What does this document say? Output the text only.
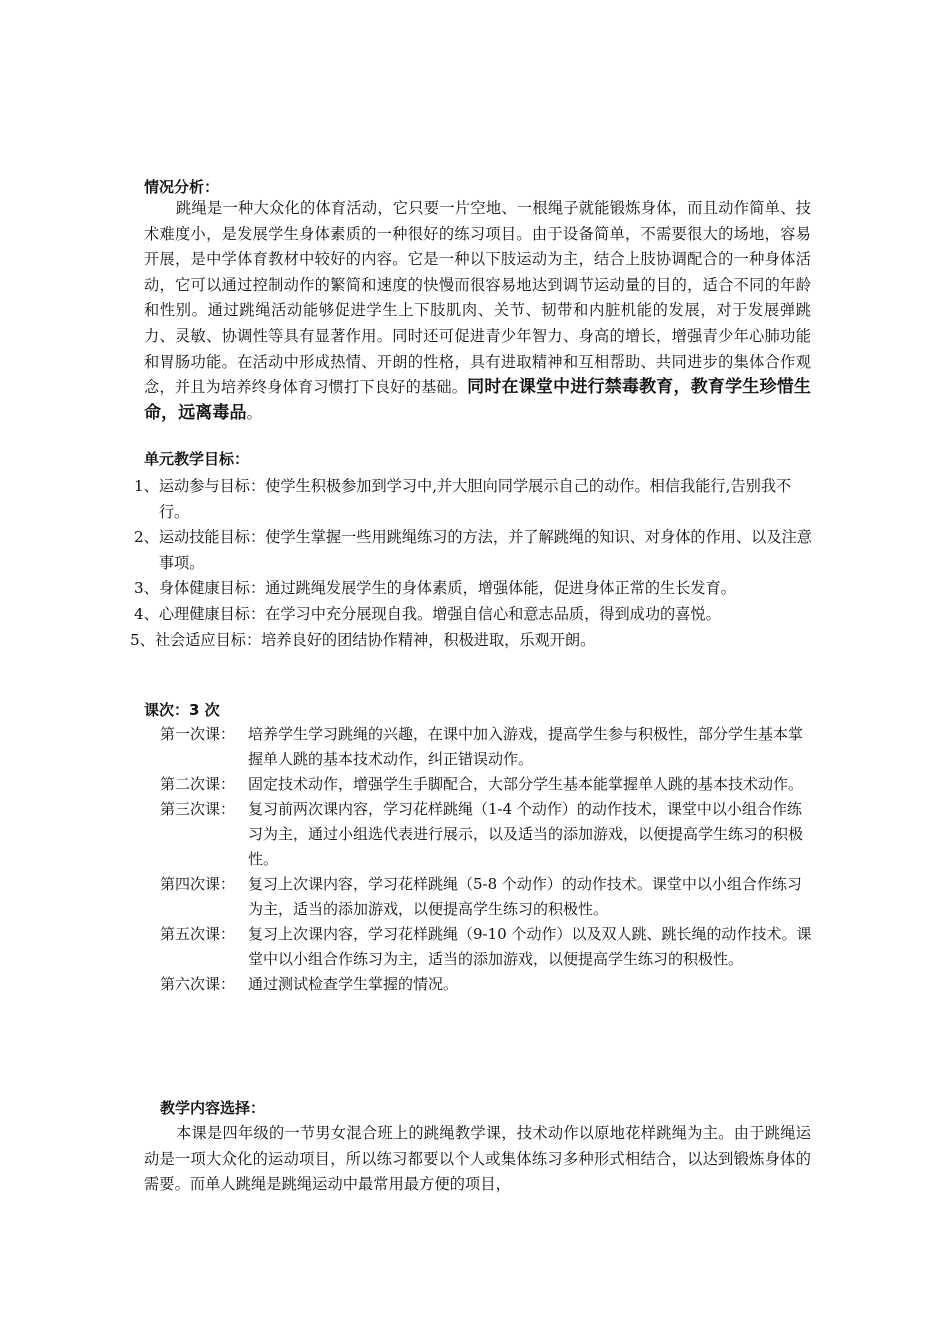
情况分析：
跳绳是一种大众化的体育活动，它只要一片空地、一根绳子就能锻炼身体，而且动作简单、技术难度小，是发展学生身体素质的一种很好的练习项目。由于设备简单，不需要很大的场地，容易开展，是中学体育教材中较好的内容。它是一种以下肢运动为主，结合上肢协调配合的一种身体活动，它可以通过控制动作的繁简和速度的快慢而很容易地达到调节运动量的目的，适合不同的年龄和性别。通过跳绳活动能够促进学生上下肢肌肉、关节、韧带和内脏机能的发展，对于发展弹跳力、灵敏、协调性等具有显著作用。同时还可促进青少年智力、身高的增长，增强青少年心肺功能和胃肠功能。在活动中形成热情、开朗的性格，具有进取精神和互相帮助、共同进步的集体合作观念，并且为培养终身体育习惯打下良好的基础。同时在课堂中进行禁毒教育，教育学生珍惜生命，远离毒品。
单元教学目标：
1、 运动参与目标：使学生积极参加到学习中,并大胆向同学展示自己的动作。相信我能行,告别我不行。
2、 运动技能目标：使学生掌握一些用跳绳练习的方法，并了解跳绳的知识、对身体的作用、以及注意事项。
3、 身体健康目标：通过跳绳发展学生的身体素质，增强体能，促进身体正常的生长发育。
4、 心理健康目标：在学习中充分展现自我。增强自信心和意志品质，得到成功的喜悦。
5、 社会适应目标：培养良好的团结协作精神，积极进取，乐观开朗。
课次：3 次
第一次课： 培养学生学习跳绳的兴趣，在课中加入游戏，提高学生参与积极性，部分学生基本掌握单人跳的基本技术动作，纠正错误动作。
第二次课： 固定技术动作，增强学生手脚配合，大部分学生基本能掌握单人跳的基本技术动作。
第三次课： 复习前两次课内容，学习花样跳绳（1-4 个动作）的动作技术，课堂中以小组合作练习为主，通过小组选代表进行展示，以及适当的添加游戏，以便提高学生练习的积极性。
第四次课： 复习上次课内容，学习花样跳绳（5-8 个动作）的动作技术。课堂中以小组合作练习为主，适当的添加游戏，以便提高学生练习的积极性。
第五次课： 复习上次课内容，学习花样跳绳（9-10 个动作）以及双人跳、跳长绳的动作技术。课堂中以小组合作练习为主，适当的添加游戏，以便提高学生练习的积极性。
第六次课： 通过测试检查学生掌握的情况。
教学内容选择：
本课是四年级的一节男女混合班上的跳绳教学课，技术动作以原地花样跳绳为主。由于跳绳运动是一项大众化的运动项目，所以练习都要以个人或集体练习多种形式相结合，以达到锻炼身体的需要。而单人跳绳是跳绳运动中最常用最方便的项目，
